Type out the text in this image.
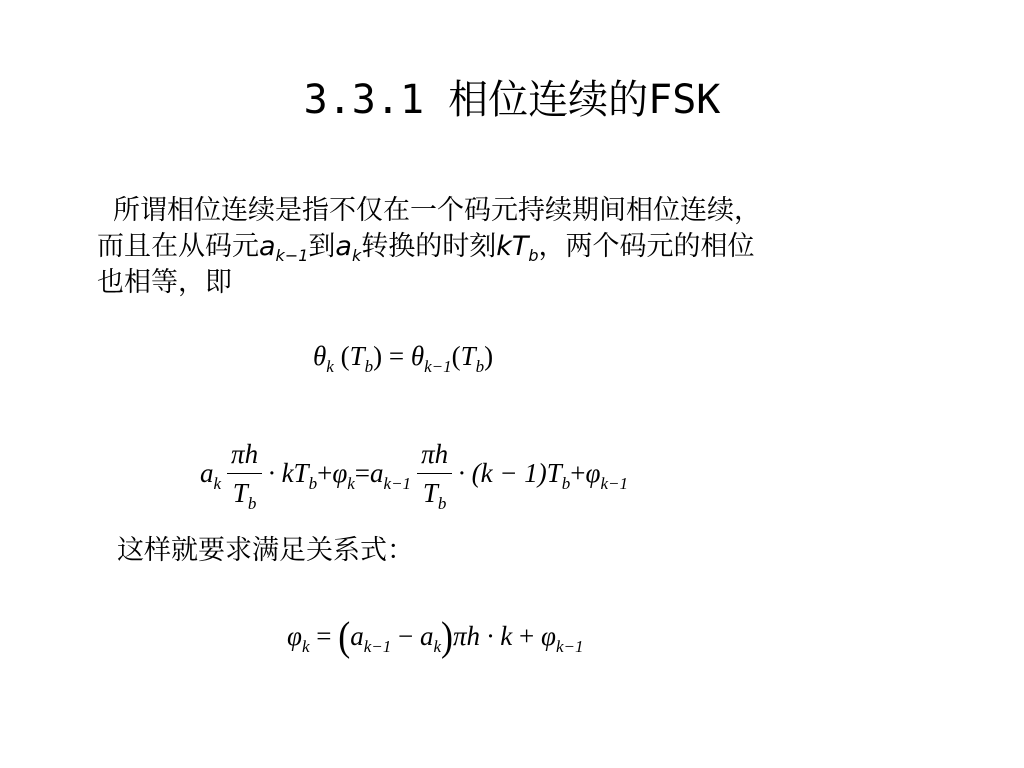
3.3.1 相位连续的FSK
所谓相位连续是指不仅在一个码元持续期间相位连续，
而且在从码元$a_{k-1}$到$a_k$转换的时刻$kT_b$，两个码元的相位
也相等，即
$\theta_k$ $(T_b) = \theta_{k-1}(T_b)$
$a_k \frac{\pi h}{T_b} \cdot kT_b + \varphi_k = a_{k-1} \frac{\pi h}{T_b} \cdot (k - 1)T_b + \varphi_{k-1}$
这样就要求满足关系式：
$\varphi_k = (a_{k-1} - a_k)\pi h \cdot k + \varphi_{k-1}$
